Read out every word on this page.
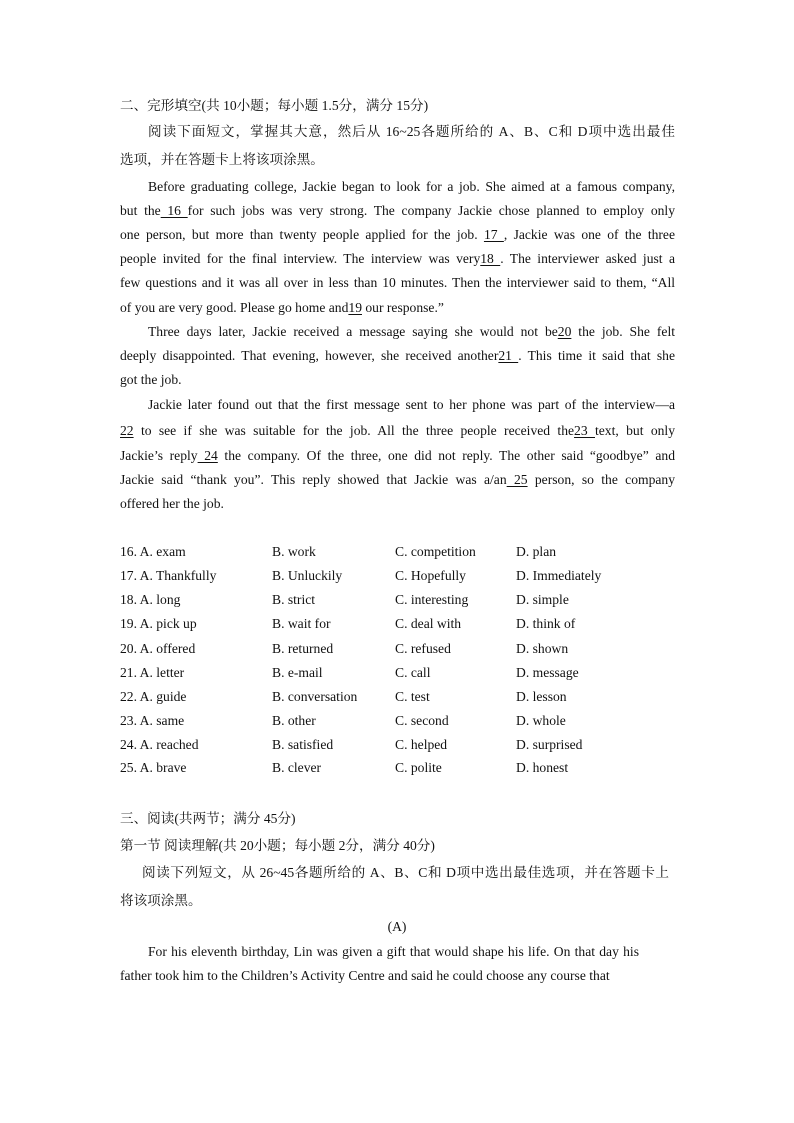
二、完形填空(共 10小题；每小题 1.5分，满分 15分)
阅读下面短文，掌握其大意，然后从 16~25各题所给的 A、B、C和 D项中选出最佳
选项，并在答题卡上将该项涂黑。
Before graduating college, Jackie began to look for a job. She aimed at a famous company,
but the 16 for such jobs was very strong. The company Jackie chose planned to employ only
one person, but more than twenty people applied for the job. 17 , Jackie was one of the three
people invited for the final interview. The interview was very18 . The interviewer asked just a
few questions and it was all over in less than 10 minutes. Then the interviewer said to them, “All
of you are very good. Please go home and19 our response.”
Three days later, Jackie received a message saying she would not be20 the job. She felt
deeply disappointed. That evening, however, she received another21 . This time it said that she
got the job.
Jackie later found out that the first message sent to her phone was part of the interview—a
22 to see if she was suitable for the job. All the three people received the23 text, but only
Jackie’s reply 24 the company. Of the three, one did not reply. The other said “goodbye” and
Jackie said “thank you”. This reply showed that Jackie was a/an 25 person, so the company
offered her the job.
16. A. exam	B. work	C. competition	D. plan
17. A. Thankfully	B. Unluckily	C. Hopefully	D. Immediately
18. A. long	B. strict	C. interesting	D. simple
19. A. pick up	B. wait for	C. deal with	D. think of
20. A. offered	B. returned	C. refused	D. shown
21. A. letter	B. e-mail	C. call	D. message
22. A. guide	B. conversation	C. test	D. lesson
23. A. same	B. other	C. second	D. whole
24. A. reached	B. satisfied	C. helped	D. surprised
25. A. brave	B. clever	C. polite	D. honest
三、阅读(共两节；满分 45分)
第一节 阅读理解(共 20小题；每小题 2分，满分 40分)
阅读下列短文，从 26~45各题所给的 A、B、C和 D项中选出最佳选项，并在答题卡上
将该项涂黑。
(A)
For his eleventh birthday, Lin was given a gift that would shape his life. On that day his
father took him to the Children’s Activity Centre and said he could choose any course that
